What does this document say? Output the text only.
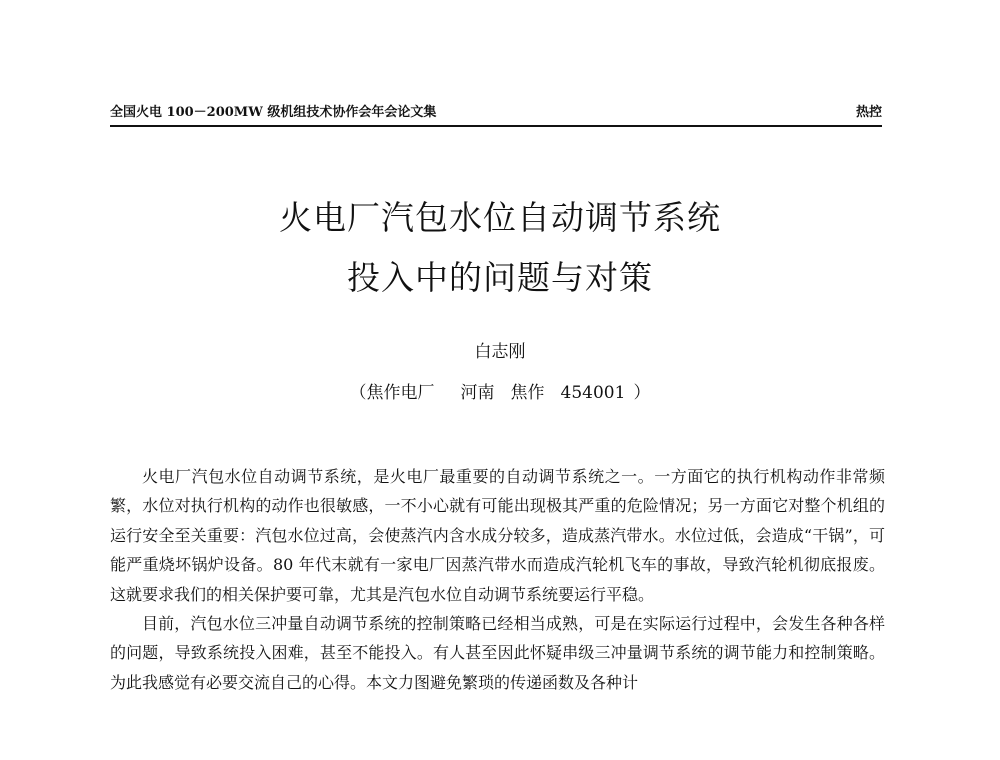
全国火电 100－200MW 级机组技术协作会年会论文集	热控
火电厂汽包水位自动调节系统
投入中的问题与对策
白志刚
（焦作电厂 河南 焦作 454001 ）

火电厂汽包水位自动调节系统，是火电厂最重要的自动调节系统之一。一方面它的执行机构动作非常频繁，水位对执行机构的动作也很敏感，一不小心就有可能出现极其严重的危险情况；另一方面它对整个机组的运行安全至关重要：汽包水位过高，会使蒸汽内含水成分较多，造成蒸汽带水。水位过低，会造成“干锅”，可能严重烧坏锅炉设备。80 年代末就有一家电厂因蒸汽带水而造成汽轮机飞车的事故，导致汽轮机彻底报废。这就要求我们的相关保护要可靠，尤其是汽包水位自动调节系统要运行平稳。

目前，汽包水位三冲量自动调节系统的控制策略已经相当成熟，可是在实际运行过程中，会发生各种各样的问题，导致系统投入困难，甚至不能投入。有人甚至因此怀疑串级三冲量调节系统的调节能力和控制策略。为此我感觉有必要交流自己的心得。本文力图避免繁琐的传递函数及各种计
